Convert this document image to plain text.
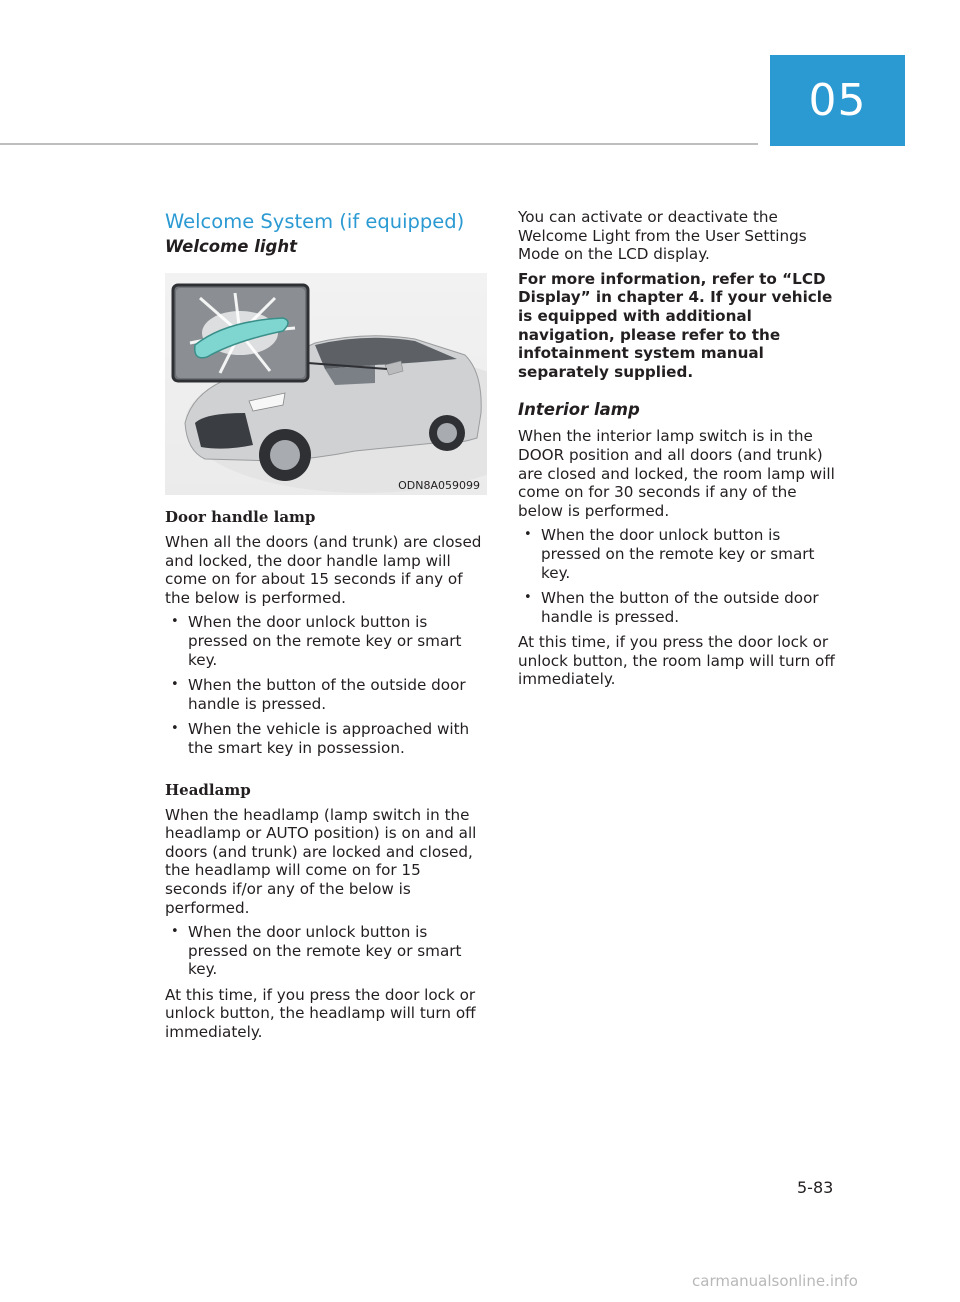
05
Welcome System (if equipped)
Welcome light
ODN8A059099
Door handle lamp

When all the doors (and trunk) are closed and locked, the door handle lamp will come on for about 15 seconds if any of the below is performed.

• When the door unlock button is pressed on the remote key or smart key.
• When the button of the outside door handle is pressed.
• When the vehicle is approached with the smart key in possession.
Headlamp

When the headlamp (lamp switch in the headlamp or AUTO position) is on and all doors (and trunk) are locked and closed, the headlamp will come on for 15 seconds if/or any of the below is performed.

• When the door unlock button is pressed on the remote key or smart key.

At this time, if you press the door lock or unlock button, the headlamp will turn off immediately.

You can activate or deactivate the Welcome Light from the User Settings Mode on the LCD display.

For more information, refer to “LCD Display” in chapter 4. If your vehicle is equipped with additional navigation, please refer to the infotainment system manual separately supplied.

Interior lamp

When the interior lamp switch is in the DOOR position and all doors (and trunk) are closed and locked, the room lamp will come on for 30 seconds if any of the below is performed.

• When the door unlock button is pressed on the remote key or smart key.
• When the button of the outside door handle is pressed.

At this time, if you press the door lock or unlock button, the room lamp will turn off immediately.

5-83
carmanualsonline.info
